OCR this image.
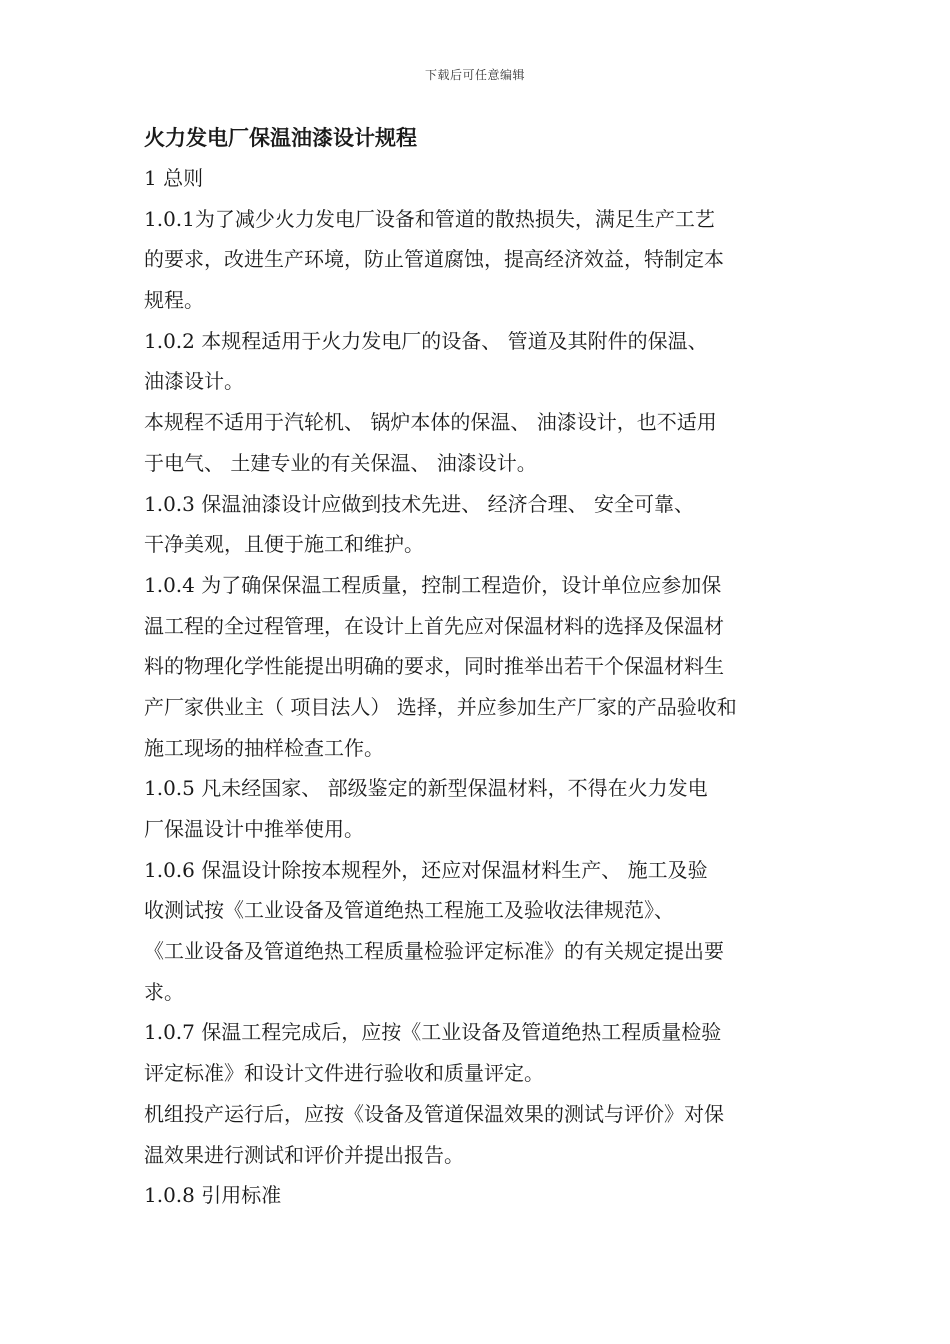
下载后可任意编辑
火力发电厂保温油漆设计规程

1 总则

1.0.1为了减少火力发电厂设备和管道的散热损失，满足生产工艺

的要求，改进生产环境，防止管道腐蚀，提高经济效益，特制定本

规程。

1.0.2 本规程适用于火力发电厂的设备、 管道及其附件的保温、

油漆设计。

本规程不适用于汽轮机、 锅炉本体的保温、 油漆设计，也不适用

于电气、 土建专业的有关保温、 油漆设计。

1.0.3 保温油漆设计应做到技术先进、 经济合理、 安全可靠、

干净美观，且便于施工和维护。

1.0.4 为了确保保温工程质量，控制工程造价，设计单位应参加保

温工程的全过程管理，在设计上首先应对保温材料的选择及保温材

料的物理化学性能提出明确的要求，同时推举出若干个保温材料生

产厂家供业主（ 项目法人） 选择，并应参加生产厂家的产品验收和

施工现场的抽样检查工作。

1.0.5 凡未经国家、 部级鉴定的新型保温材料，不得在火力发电

厂保温设计中推举使用。

1.0.6 保温设计除按本规程外，还应对保温材料生产、 施工及验

收测试按《工业设备及管道绝热工程施工及验收法律规范》、

《工业设备及管道绝热工程质量检验评定标准》的有关规定提出要

求。

1.0.7 保温工程完成后，应按《工业设备及管道绝热工程质量检验

评定标准》和设计文件进行验收和质量评定。

机组投产运行后，应按《设备及管道保温效果的测试与评价》对保

温效果进行测试和评价并提出报告。

1.0.8 引用标准
